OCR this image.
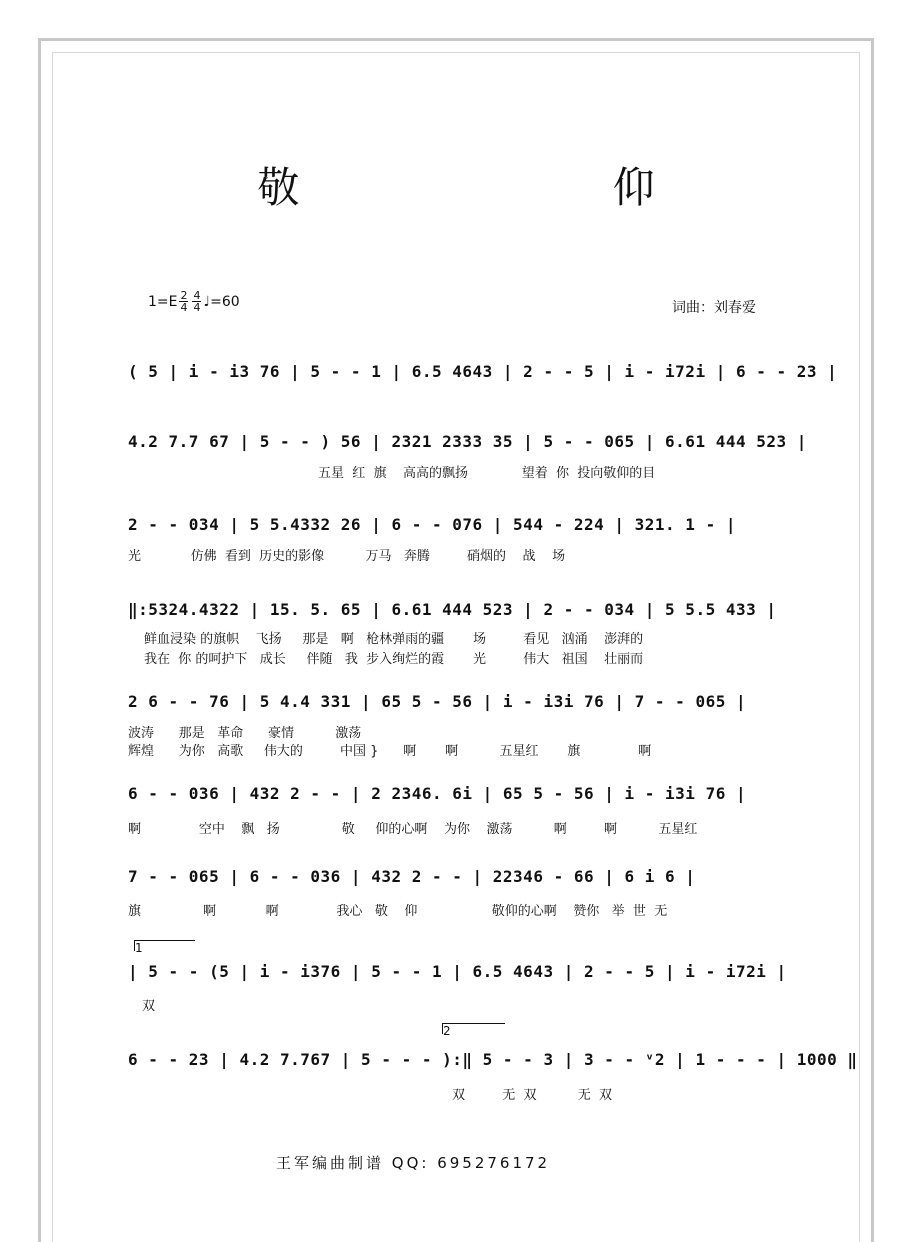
敬 仰
$1=E \frac{2}{4} \frac{4}{4}$ ♩=60	词曲：刘春爱
( 5 | i - i3 76 | 5 - - 1 | 6.5 4643 | 2 - - 5 | i - i72i | 6 - - 23 |
4.2 7.7 67 | 5 - - ) 56 | 2321 2333 35 | 5 - - 065 | 6.61 444 523 |
五星  红  旗    高高的飘扬             望着  你  投向敬仰的目
2 - - 034 | 5 5.4332 26 | 6 - - 076 | 544 - 224 | 321. 1 - |
光            仿佛  看到  历史的影像          万马   奔腾         硝烟的    战    场
‖:5324.4322 | 15. 5. 65 | 6.61 444 523 | 2 - - 034 | 5 5.5 433 |
鲜血浸染 的旗帜    飞扬     那是   啊   枪林弹雨的疆       场         看见   汹涌    澎湃的
我在  你 的呵护下   成长     伴随   我  步入绚烂的霞       光         伟大   祖国    壮丽而
2 6 - - 76 | 5 4.4 331 | 65 5 - 56 | i - i3i 76 | 7 - - 065 |
波涛      那是   革命      豪情          激荡
辉煌      为你   高歌     伟大的         中国 }      啊       啊          五星红       旗              啊
6 - - 036 | 432 2 - - | 2 2346. 6i | 65 5 - 56 | i - i3i 76 |
啊              空中    飘   扬               敬     仰的心啊    为你    激荡          啊         啊          五星红
7 - - 065 | 6 - - 036 | 432 2 - - | 22346 - 66 | 6 i 6 |
旗               啊            啊              我心   敬    仰                  敬仰的心啊    赞你   举  世  无
1
| 5 - - (5 | i - i376 | 5 - - 1 | 6.5 4643 | 2 - - 5 | i - i72i |
双
2
6 - - 23 | 4.2 7.767 | 5 - - - ):‖ 5 - - 3 | 3 - - ᵛ2 | 1 - - - | 1000 ‖
双         无  双          无  双
王军编曲制谱 QQ: 695276172
